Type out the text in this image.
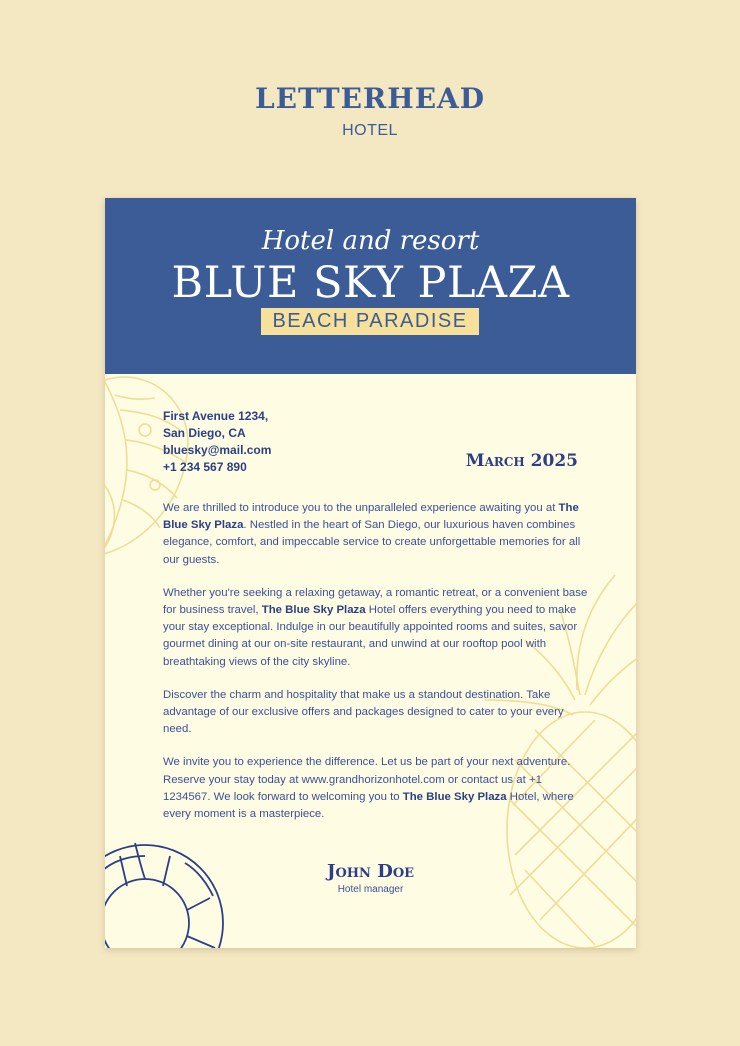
LETTERHEAD
HOTEL
Hotel and resort
BLUE SKY PLAZA
BEACH PARADISE
First Avenue 1234,
San Diego, CA
bluesky@mail.com
+1 234 567 890	March 2025

We are thrilled to introduce you to the unparalleled experience awaiting you at The Blue Sky Plaza. Nestled in the heart of San Diego, our luxurious haven combines elegance, comfort, and impeccable service to create unforgettable memories for all our guests.

Whether you're seeking a relaxing getaway, a romantic retreat, or a convenient base for business travel, The Blue Sky Plaza Hotel offers everything you need to make your stay exceptional. Indulge in our beautifully appointed rooms and suites, savor gourmet dining at our on-site restaurant, and unwind at our rooftop pool with breathtaking views of the city skyline.

Discover the charm and hospitality that make us a standout destination. Take advantage of our exclusive offers and packages designed to cater to your every need.

We invite you to experience the difference. Let us be part of your next adventure. Reserve your stay today at www.grandhorizonhotel.com or contact us at +1 1234567. We look forward to welcoming you to The Blue Sky Plaza Hotel, where every moment is a masterpiece.

John Doe
Hotel manager
